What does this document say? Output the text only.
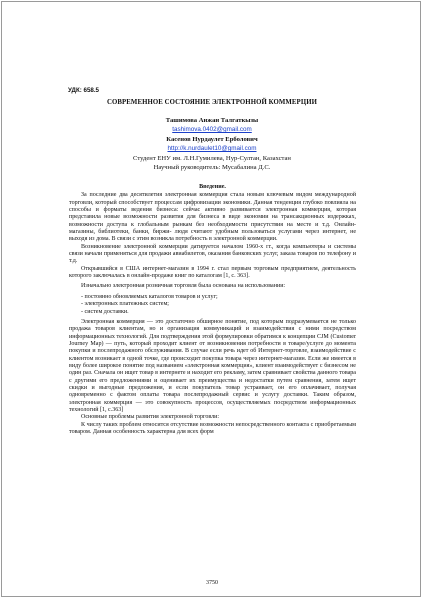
УДК: 658.5
СОВРЕМЕННОЕ СОСТОЯНИЕ ЭЛЕКТРОННОЙ КОММЕРЦИИ
Ташимова Анжан Талгаткызы
tashimova.0402@gmail.com
Касенов Нурдаулет Ерболович
http://k.nurdaulet10@gmail.com
Студент ЕНУ им. Л.Н.Гумилева, Нур-Султан, Казахстан
Научный руководитель: Мусабалина Д.С.

Введение.

За последние два десятилетия электронная коммерция стала новым ключевым видом международной торговли, который способствует процессам цифровизации экономики. Данная тенденция глубоко повлияла на способы и форматы ведения бизнеса: сейчас активно развивается электронная коммерция, которая представила новые возможности развития для бизнеса в виде экономии на трансакционных издержках, возможности доступа к глобальным рынкам без необходимости присутствия на месте и т.д. Онлайн- магазины, библиотеки, банки, биржи- людя считают удобным пользоваться услугами через интернет, не выходя из дома. В связи с этим возникла потребность в электронной коммерции.

Возникновение электронной коммерции датируется началом 1960-х гг., когда компьютеры и системы связи начали применяться для продажи авиабилетов, оказания банковских услуг, заказа товаров по телефону и т.д.

Открывшийся в США интернет-магазин в 1994 г. стал первым торговым предприятием, деятельность которого заключалась в онлайн-продаже книг по каталогам [1, с. 363].

Изначально электронная розничная торговля была основана на использовании:

- постоянно обновляемых каталогов товаров и услуг;

- электронных платежных систем;

- систем доставки.

Электронная коммерция — это достаточно обширное понятие, под которым подразумевается не только продажа товаров клиентам, но и организация коммуникаций и взаимодействия с ними посредством информационных технологий. Для подтверждения этой формулировки обратимся к концепции CJM (Customer Journey Map) — путь, который проходит клиент от возникновения потребности в товаре/услуге до момента покупки и послепродажного обслуживания. В случае если речь идет об Интернет-торговле, взаимодействие с клиентом возникает в одной точке, где происходит покупка товара через интернет-магазин. Если же имеется в виду более широкое понятие под названием «электронная коммерция», клиент взаимодействует с бизнесом не один раз. Сначала он ищет товар в интернете и находит его рекламу, затем сравнивает свойства данного товара с другими его предложениями и оценивает их преимущества и недостатки путем сравнения, затем ищет скидки и выгодные предложения, и если покупатель товар устраивает, он его оплачивает, получая одновременно с фактом оплаты товара послепродажный сервис и услугу доставки. Таким образом, электронная коммерция — это совокупность процессов, осуществляемых посредством информационных технологий [1, с.363]

Основные проблемы развития электронной торговли:

К числу таких проблем относится отсутствие возможности непосредственного контакта с приобретаемым товаром. Данная особенность характерна для всех форм

3750
